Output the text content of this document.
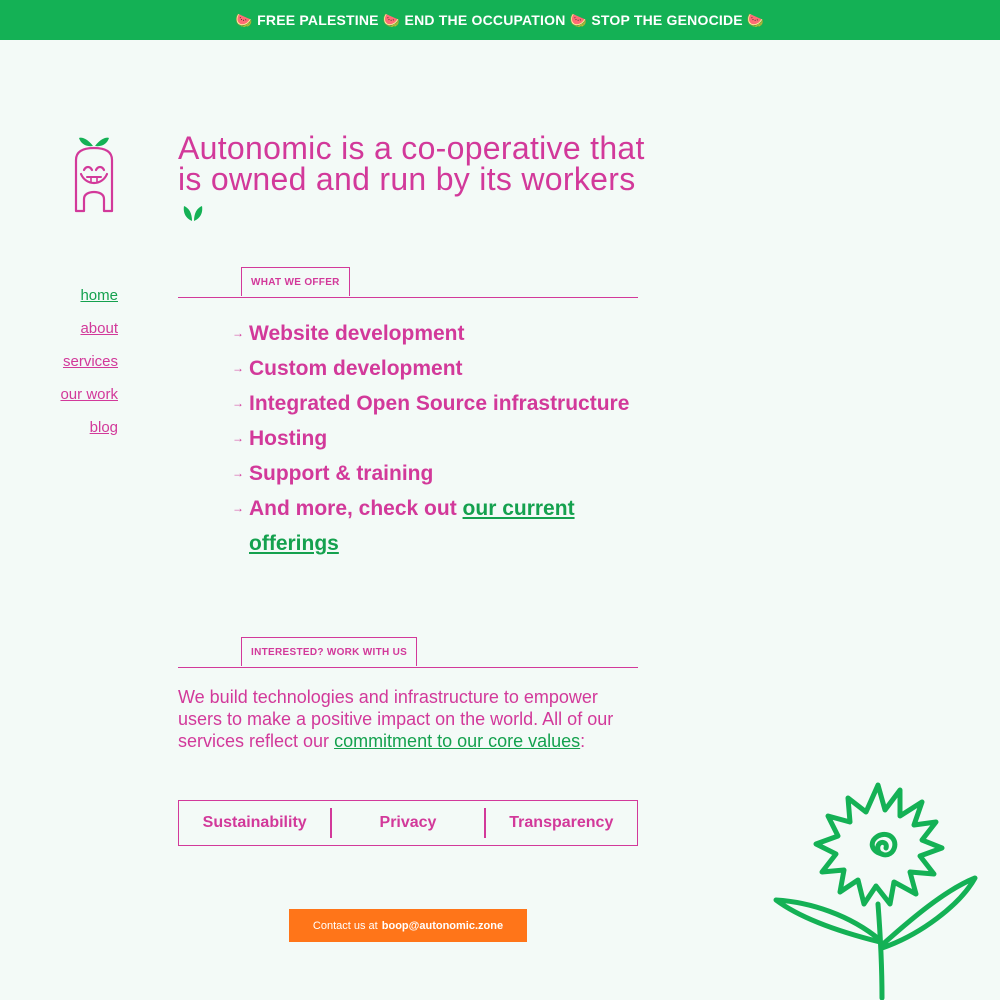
🍉
FREE PALESTINE
🍉
END THE OCCUPATION
🍉
STOP THE GENOCIDE
🍉
home
about
services
our work
blog
Autonomic is a co-operative that is owned and run by its workers
WHAT WE OFFER
→ Website development
→ Custom development
→ Integrated Open Source infrastructure
→ Hosting
→ Support & training
→ And more, check out our current offerings
INTERESTED? WORK WITH US

We build technologies and infrastructure to empower users to make a positive impact on the world. All of our services reflect our commitment to our core values:

Sustainability	Privacy	Transparency
Contact us at boop@autonomic.zone
